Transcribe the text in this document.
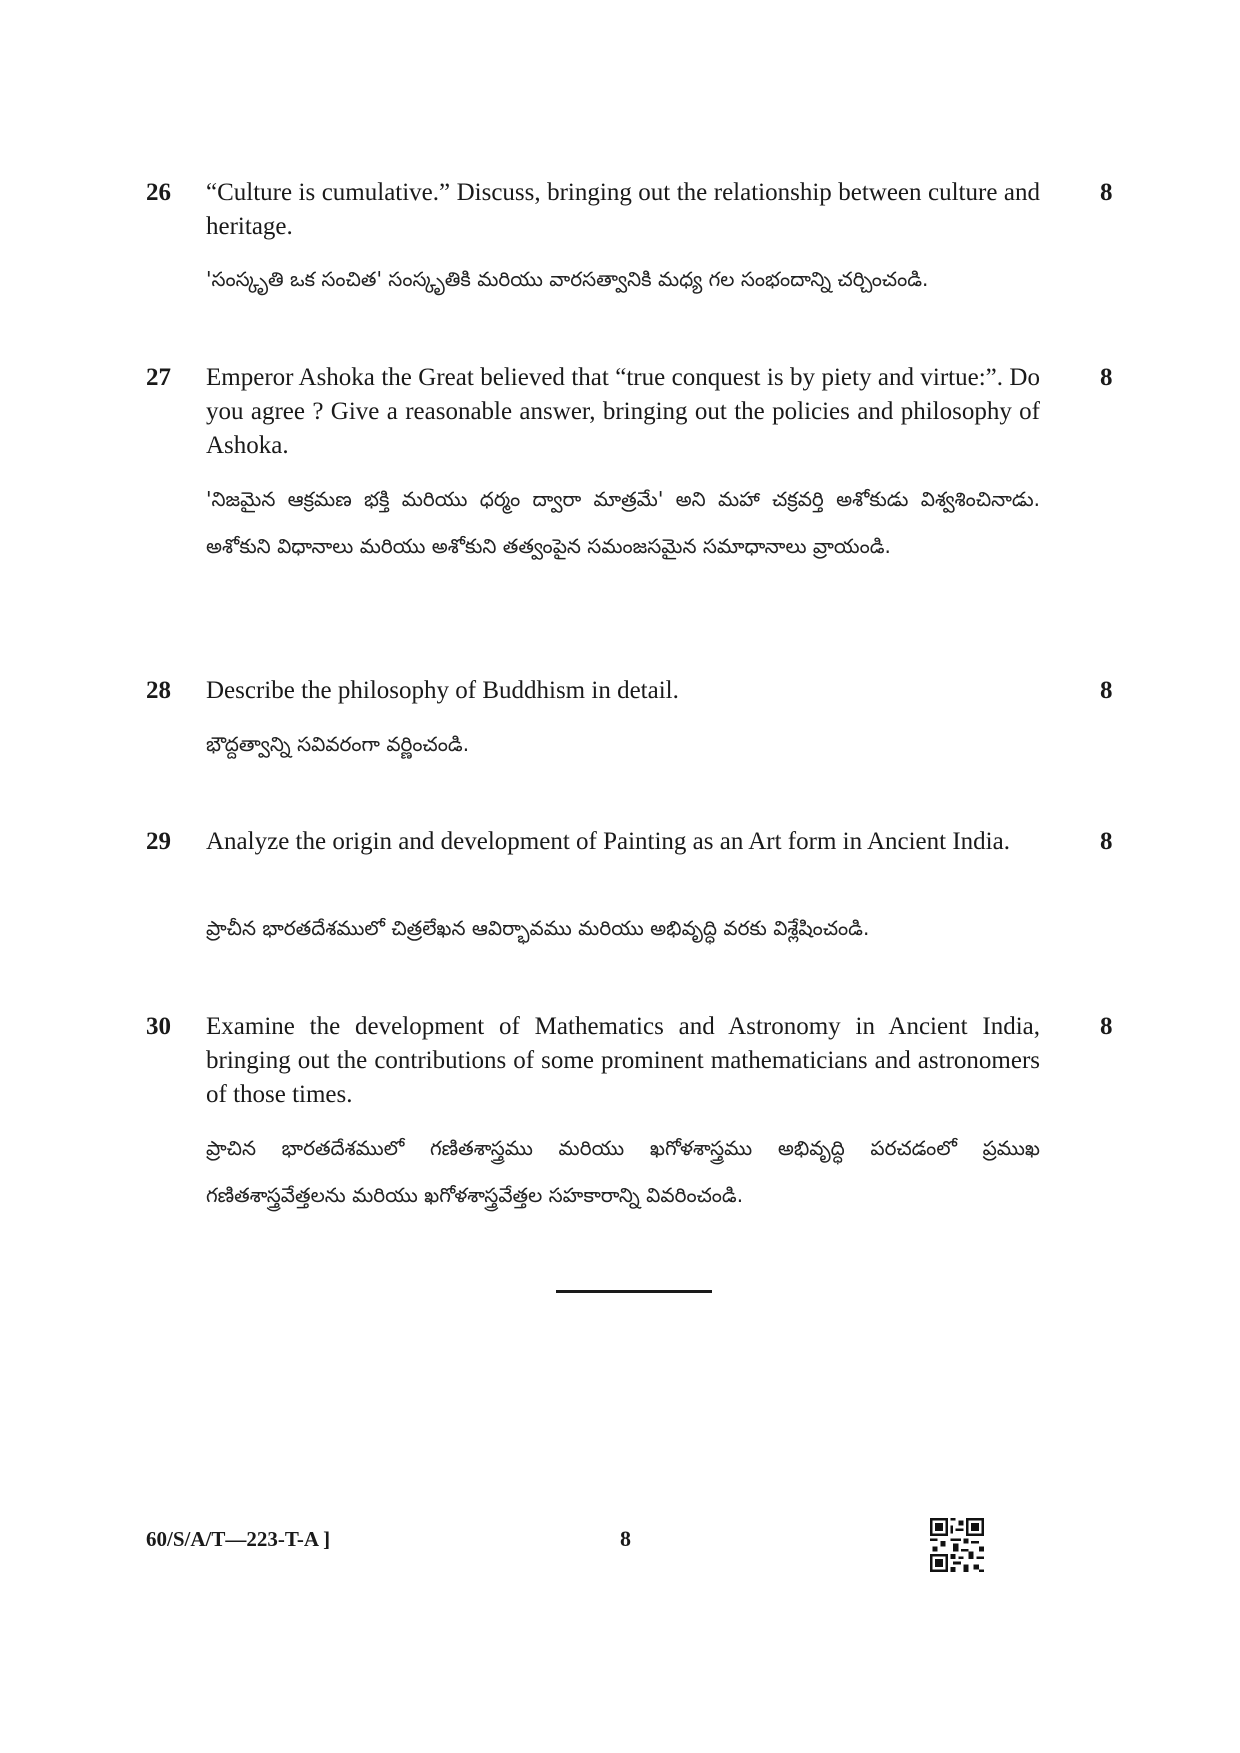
26 “Culture is cumulative.” Discuss, bringing out the relationship between culture and heritage.
8
'సంస్కృతి ఒక సంచిత' సంస్కృతికి మరియు వారసత్వానికి మధ్య గల సంభందాన్ని చర్చించండి.
27 Emperor Ashoka the Great believed that “true conquest is by piety and virtue:”. Do you agree ? Give a reasonable answer, bringing out the policies and philosophy of Ashoka.
8
'నిజమైన ఆక్రమణ భక్తి మరియు ధర్మం ద్వారా మాత్రమే' అని మహా చక్రవర్తి అశోకుడు విశ్వశించినాడు. అశోకుని విధానాలు మరియు అశోకుని తత్వంపైన సమంజసమైన సమాధానాలు వ్రాయండి.
28 Describe the philosophy of Buddhism in detail.	8
భౌద్దత్వాన్ని సవివరంగా వర్ణించండి.
29 Analyze the origin and development of Painting as an Art form in Ancient India.	8
ప్రాచీన భారతదేశములో చిత్రలేఖన ఆవిర్భావము మరియు అభివృద్ధి వరకు విశ్లేషించండి.
30 Examine the development of Mathematics and Astronomy in Ancient India, bringing out the contributions of some prominent mathematicians and astronomers of those times.
8
ప్రాచిన భారతదేశములో గణితశాస్త్రము మరియు ఖగోళశాస్త్రము అభివృద్ధి పరచడంలో ప్రముఖ గణితశాస్త్రవేత్తలను మరియు ఖగోళశాస్త్రవేత్తల సహకారాన్ని వివరించండి.
60/S/A/T—223-T-A ]	8
